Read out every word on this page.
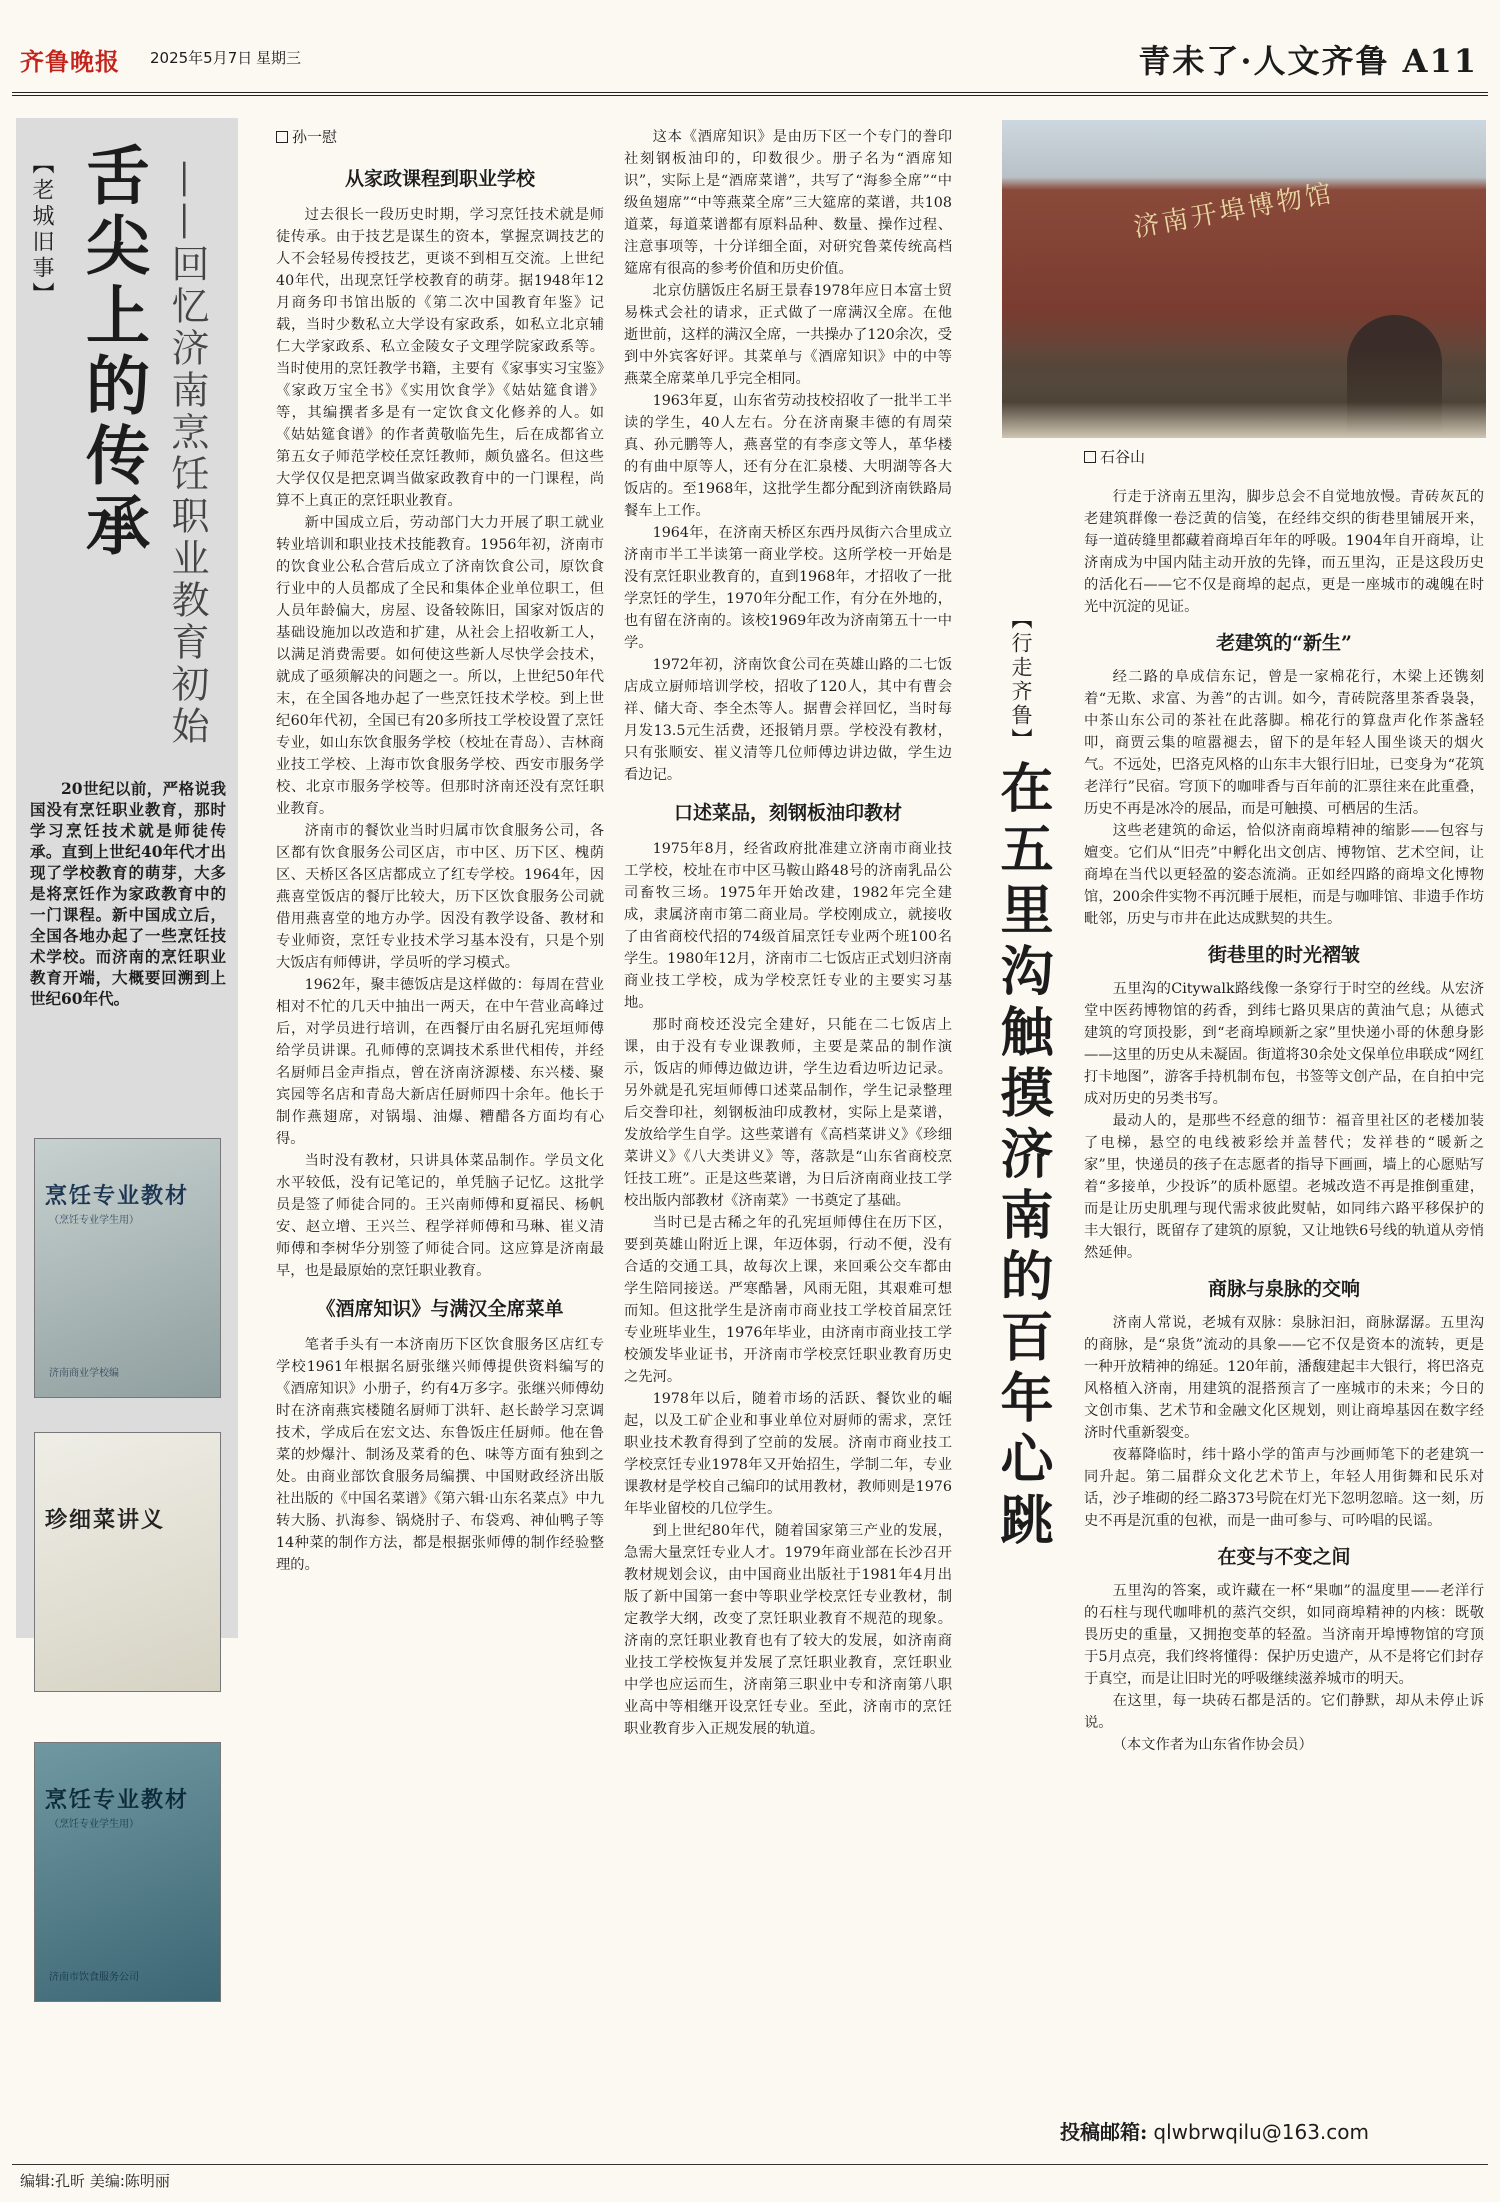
齐鲁晚报 2025年5月7日 星期三	青未了·人文齐鲁 A11
【老城旧事】 舌尖上的传承 ——回忆济南烹饪职业教育初始
20世纪以前，严格说我国没有烹饪职业教育，那时学习烹饪技术就是师徒传承。直到上世纪40年代才出现了学校教育的萌芽，大多是将烹饪作为家政教育中的一门课程。新中国成立后，全国各地办起了一些烹饪技术学校。而济南的烹饪职业教育开端，大概要回溯到上世纪60年代。
烹饪专业教材
（烹饪专业学生用）
济南商业学校编
珍细菜讲义
烹饪专业教材
（烹饪专业学生用）
济南市饮食服务公司
孙一慰
从家政课程到职业学校

过去很长一段历史时期，学习烹饪技术就是师徒传承。由于技艺是谋生的资本，掌握烹调技艺的人不会轻易传授技艺，更谈不到相互交流。上世纪40年代，出现烹饪学校教育的萌芽。据1948年12月商务印书馆出版的《第二次中国教育年鉴》记载，当时少数私立大学设有家政系，如私立北京辅仁大学家政系、私立金陵女子文理学院家政系等。当时使用的烹饪教学书籍，主要有《家事实习宝鉴》《家政万宝全书》《实用饮食学》《姑姑筵食谱》等，其编撰者多是有一定饮食文化修养的人。如《姑姑筵食谱》的作者黄敬临先生，后在成都省立第五女子师范学校任烹饪教师，颇负盛名。但这些大学仅仅是把烹调当做家政教育中的一门课程，尚算不上真正的烹饪职业教育。

新中国成立后，劳动部门大力开展了职工就业转业培训和职业技术技能教育。1956年初，济南市的饮食业公私合营后成立了济南饮食公司，原饮食行业中的人员都成了全民和集体企业单位职工，但人员年龄偏大，房屋、设备较陈旧，国家对饭店的基础设施加以改造和扩建，从社会上招收新工人，以满足消费需要。如何使这些新人尽快学会技术，就成了亟须解决的问题之一。所以，上世纪50年代末，在全国各地办起了一些烹饪技术学校。到上世纪60年代初，全国已有20多所技工学校设置了烹饪专业，如山东饮食服务学校（校址在青岛）、吉林商业技工学校、上海市饮食服务学校、西安市服务学校、北京市服务学校等。但那时济南还没有烹饪职业教育。

济南市的餐饮业当时归属市饮食服务公司，各区都有饮食服务公司区店，市中区、历下区、槐荫区、天桥区各区店都成立了红专学校。1964年，因燕喜堂饭店的餐厅比较大，历下区饮食服务公司就借用燕喜堂的地方办学。因没有教学设备、教材和专业师资，烹饪专业技术学习基本没有，只是个别大饭店有师傅讲，学员听的学习模式。

1962年，聚丰德饭店是这样做的：每周在营业相对不忙的几天中抽出一两天，在中午营业高峰过后，对学员进行培训，在西餐厅由名厨孔宪垣师傅给学员讲课。孔师傅的烹调技术系世代相传，并经名厨师吕金声指点，曾在济南济源楼、东兴楼、聚宾园等名店和青岛大新店任厨师四十余年。他长于制作燕翅席，对锅塌、油爆、糟醋各方面均有心得。

当时没有教材，只讲具体菜品制作。学员文化水平较低，没有记笔记的，单凭脑子记忆。这批学员是签了师徒合同的。王兴南师傅和夏福民、杨帆安、赵立增、王兴兰、程学祥师傅和马琳、崔义清师傅和李树华分别签了师徒合同。这应算是济南最早，也是最原始的烹饪职业教育。

《酒席知识》与满汉全席菜单

笔者手头有一本济南历下区饮食服务区店红专学校1961年根据名厨张继兴师傅提供资料编写的《酒席知识》小册子，约有4万多字。张继兴师傅幼时在济南燕宾楼随名厨师丁洪轩、赵长龄学习烹调技术，学成后在宏文达、东鲁饭庄任厨师。他在鲁菜的炒爆汁、制汤及菜肴的色、味等方面有独到之处。由商业部饮食服务局编撰、中国财政经济出版社出版的《中国名菜谱》《第六辑·山东名菜点》中九转大肠、扒海参、锅烧肘子、布袋鸡、神仙鸭子等14种菜的制作方法，都是根据张师傅的制作经验整理的。

这本《酒席知识》是由历下区一个专门的誊印社刻钢板油印的，印数很少。册子名为“酒席知识”，实际上是“酒席菜谱”，共写了“海参全席”“中级鱼翅席”“中等燕菜全席”三大筵席的菜谱，共108道菜，每道菜谱都有原料品种、数量、操作过程、注意事项等，十分详细全面，对研究鲁菜传统高档筵席有很高的参考价值和历史价值。

北京仿膳饭庄名厨王景春1978年应日本富士贸易株式会社的请求，正式做了一席满汉全席。在他逝世前，这样的满汉全席，一共操办了120余次，受到中外宾客好评。其菜单与《酒席知识》中的中等燕菜全席菜单几乎完全相同。

1963年夏，山东省劳动技校招收了一批半工半读的学生，40人左右。分在济南聚丰德的有周荣真、孙元鹏等人，燕喜堂的有李彦文等人，革华楼的有曲中原等人，还有分在汇泉楼、大明湖等各大饭店的。至1968年，这批学生都分配到济南铁路局餐车上工作。

1964年，在济南天桥区东西丹凤街六合里成立济南市半工半读第一商业学校。这所学校一开始是没有烹饪职业教育的，直到1968年，才招收了一批学烹饪的学生，1970年分配工作，有分在外地的，也有留在济南的。该校1969年改为济南第五十一中学。

1972年初，济南饮食公司在英雄山路的二七饭店成立厨师培训学校，招收了120人，其中有曹会祥、储大奇、李全杰等人。据曹会祥回忆，当时每月发13.5元生活费，还报销月票。学校没有教材，只有张顺安、崔义清等几位师傅边讲边做，学生边看边记。

口述菜品，刻钢板油印教材

1975年8月，经省政府批准建立济南市商业技工学校，校址在市中区马鞍山路48号的济南乳品公司畜牧三场。1975年开始改建，1982年完全建成，隶属济南市第二商业局。学校刚成立，就接收了由省商校代招的74级首届烹饪专业两个班100名学生。1980年12月，济南市二七饭店正式划归济南商业技工学校，成为学校烹饪专业的主要实习基地。

那时商校还没完全建好，只能在二七饭店上课，由于没有专业课教师，主要是菜品的制作演示，饭店的师傅边做边讲，学生边看边听边记录。另外就是孔宪垣师傅口述菜品制作，学生记录整理后交誊印社，刻钢板油印成教材，实际上是菜谱，发放给学生自学。这些菜谱有《高档菜讲义》《珍细菜讲义》《八大类讲义》等，落款是“山东省商校烹饪技工班”。正是这些菜谱，为日后济南商业技工学校出版内部教材《济南菜》一书奠定了基础。

当时已是古稀之年的孔宪垣师傅住在历下区，要到英雄山附近上课，年迈体弱，行动不便，没有合适的交通工具，故每次上课，来回乘公交车都由学生陪同接送。严寒酷暑，风雨无阻，其艰难可想而知。但这批学生是济南市商业技工学校首届烹饪专业班毕业生，1976年毕业，由济南市商业技工学校颁发毕业证书，开济南市学校烹饪职业教育历史之先河。

1978年以后，随着市场的活跃、餐饮业的崛起，以及工矿企业和事业单位对厨师的需求，烹饪职业技术教育得到了空前的发展。济南市商业技工学校烹饪专业1978年又开始招生，学制二年，专业课教材是学校自己编印的试用教材，教师则是1976年毕业留校的几位学生。

到上世纪80年代，随着国家第三产业的发展，急需大量烹饪专业人才。1979年商业部在长沙召开教材规划会议，由中国商业出版社于1981年4月出版了新中国第一套中等职业学校烹饪专业教材，制定教学大纲，改变了烹饪职业教育不规范的现象。济南的烹饪职业教育也有了较大的发展，如济南商业技工学校恢复并发展了烹饪职业教育，烹饪职业中学也应运而生，济南第三职业中专和济南第八职业高中等相继开设烹饪专业。至此，济南市的烹饪职业教育步入正规发展的轨道。

济南开埠博物馆
【行走齐鲁】
在五里沟触摸济南的百年心跳
石谷山

行走于济南五里沟，脚步总会不自觉地放慢。青砖灰瓦的老建筑群像一卷泛黄的信笺，在经纬交织的街巷里铺展开来，每一道砖缝里都藏着商埠百年年的呼吸。1904年自开商埠，让济南成为中国内陆主动开放的先锋，而五里沟，正是这段历史的活化石——它不仅是商埠的起点，更是一座城市的魂魄在时光中沉淀的见证。

老建筑的“新生”

经二路的阜成信东记，曾是一家棉花行，木梁上还镌刻着“无欺、求富、为善”的古训。如今，青砖院落里茶香袅袅，中茶山东公司的茶社在此落脚。棉花行的算盘声化作茶盏轻叩，商贾云集的喧嚣褪去，留下的是年轻人围坐谈天的烟火气。不远处，巴洛克风格的山东丰大银行旧址，已变身为“花筑老洋行”民宿。穹顶下的咖啡香与百年前的汇票往来在此重叠，历史不再是冰冷的展品，而是可触摸、可栖居的生活。

这些老建筑的命运，恰似济南商埠精神的缩影——包容与嬗变。它们从“旧壳”中孵化出文创店、博物馆、艺术空间，让商埠在当代以更轻盈的姿态流淌。正如经四路的商埠文化博物馆，200余件实物不再沉睡于展柜，而是与咖啡馆、非遗手作坊毗邻，历史与市井在此达成默契的共生。

街巷里的时光褶皱

五里沟的Citywalk路线像一条穿行于时空的丝线。从宏济堂中医药博物馆的药香，到纬七路贝果店的黄油气息；从德式建筑的穹顶投影，到“老商埠顾新之家”里快递小哥的休憩身影——这里的历史从未凝固。街道将30余处文保单位串联成“网红打卡地图”，游客手持机制布包，书签等文创产品，在自拍中完成对历史的另类书写。

最动人的，是那些不经意的细节：福音里社区的老楼加装了电梯，悬空的电线被彩绘并盖替代；发祥巷的“暖新之家”里，快递员的孩子在志愿者的指导下画画，墙上的心愿贴写着“多接单，少投诉”的质朴愿望。老城改造不再是推倒重建，而是让历史肌理与现代需求彼此熨帖，如同纬六路平移保护的丰大银行，既留存了建筑的原貌，又让地铁6号线的轨道从旁悄然延伸。

商脉与泉脉的交响

济南人常说，老城有双脉：泉脉汩汩，商脉潺潺。五里沟的商脉，是“泉货”流动的具象——它不仅是资本的流转，更是一种开放精神的绵延。120年前，潘馥建起丰大银行，将巴洛克风格植入济南，用建筑的混搭预言了一座城市的未来；今日的文创市集、艺术节和金融文化区规划，则让商埠基因在数字经济时代重新裂变。

夜幕降临时，纬十路小学的笛声与沙画师笔下的老建筑一同升起。第二届群众文化艺术节上，年轻人用街舞和民乐对话，沙子堆砌的经二路373号院在灯光下忽明忽暗。这一刻，历史不再是沉重的包袱，而是一曲可参与、可吟唱的民谣。

在变与不变之间

五里沟的答案，或许藏在一杯“果咖”的温度里——老洋行的石柱与现代咖啡机的蒸汽交织，如同商埠精神的内核：既敬畏历史的重量，又拥抱变革的轻盈。当济南开埠博物馆的穹顶于5月点亮，我们终将懂得：保护历史遗产，从不是将它们封存于真空，而是让旧时光的呼吸继续滋养城市的明天。

在这里，每一块砖石都是活的。它们静默，却从未停止诉说。

（本文作者为山东省作协会员）

投稿邮箱: qlwbrwqilu@163.com
编辑:孔昕 美编:陈明丽
